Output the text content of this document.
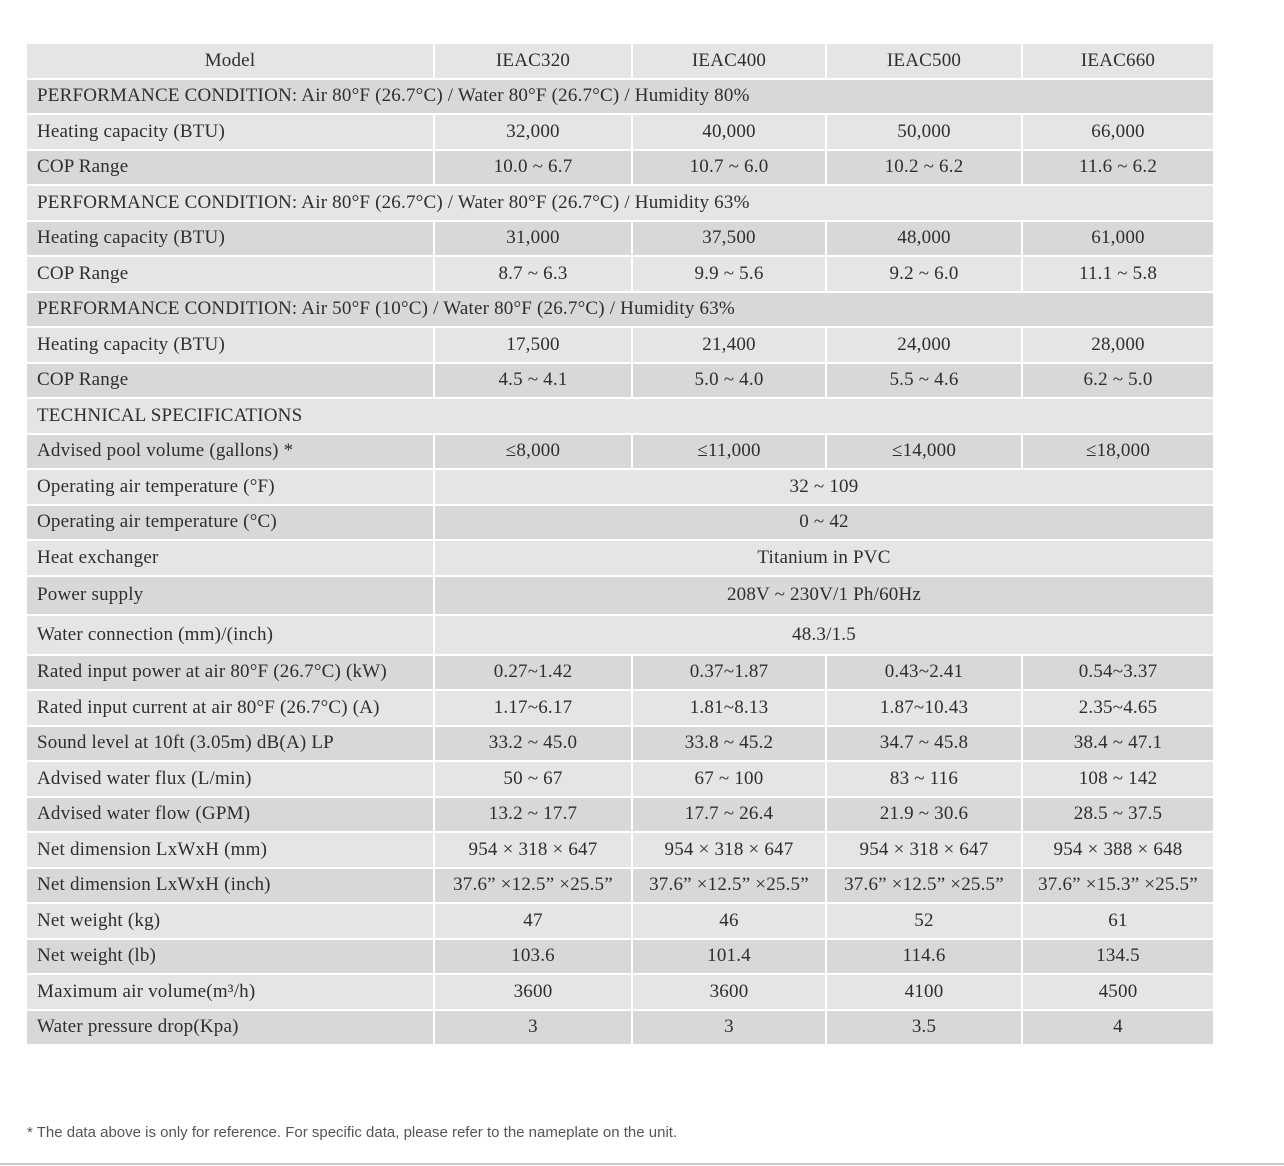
Model	IEAC320	IEAC400	IEAC500	IEAC660
PERFORMANCE CONDITION: Air 80°F (26.7°C) / Water 80°F (26.7°C) / Humidity 80%				
Heating capacity (BTU)	32,000	40,000	50,000	66,000
COP Range	10.0 ~ 6.7	10.7 ~ 6.0	10.2 ~ 6.2	11.6 ~ 6.2
PERFORMANCE CONDITION: Air 80°F (26.7°C) / Water 80°F (26.7°C) / Humidity 63%				
Heating capacity (BTU)	31,000	37,500	48,000	61,000
COP Range	8.7 ~ 6.3	9.9 ~ 5.6	9.2 ~ 6.0	11.1 ~ 5.8
PERFORMANCE CONDITION: Air 50°F (10°C) / Water 80°F (26.7°C) / Humidity 63%				
Heating capacity (BTU)	17,500	21,400	24,000	28,000
COP Range	4.5 ~ 4.1	5.0 ~ 4.0	5.5 ~ 4.6	6.2 ~ 5.0
TECHNICAL SPECIFICATIONS				
Advised pool volume (gallons) *	≤8,000	≤11,000	≤14,000	≤18,000
Operating air temperature (°F)	32 ~ 109			
Operating air temperature (°C)	0 ~ 42			
Heat exchanger	Titanium in PVC			
Power supply	208V ~ 230V/1 Ph/60Hz			
Water connection (mm)/(inch)	48.3/1.5			
Rated input power at air 80°F (26.7°C) (kW)	0.27~1.42	0.37~1.87	0.43~2.41	0.54~3.37
Rated input current at air 80°F (26.7°C) (A)	1.17~6.17	1.81~8.13	1.87~10.43	2.35~4.65
Sound level at 10ft (3.05m) dB(A) LP	33.2 ~ 45.0	33.8 ~ 45.2	34.7 ~ 45.8	38.4 ~ 47.1
Advised water flux (L/min)	50 ~ 67	67 ~ 100	83 ~ 116	108 ~ 142
Advised water flow (GPM)	13.2 ~ 17.7	17.7 ~ 26.4	21.9 ~ 30.6	28.5 ~ 37.5
Net dimension LxWxH (mm)	954 × 318 × 647	954 × 318 × 647	954 × 318 × 647	954 × 388 × 648
Net dimension LxWxH (inch)	37.6” ×12.5” ×25.5”	37.6” ×12.5” ×25.5”	37.6” ×12.5” ×25.5”	37.6” ×15.3” ×25.5”
Net weight (kg)	47	46	52	61
Net weight (lb)	103.6	101.4	114.6	134.5
Maximum air volume(m³/h)	3600	3600	4100	4500
Water pressure drop(Kpa)	3	3	3.5	4
* The data above is only for reference. For specific data, please refer to the nameplate on the unit.
